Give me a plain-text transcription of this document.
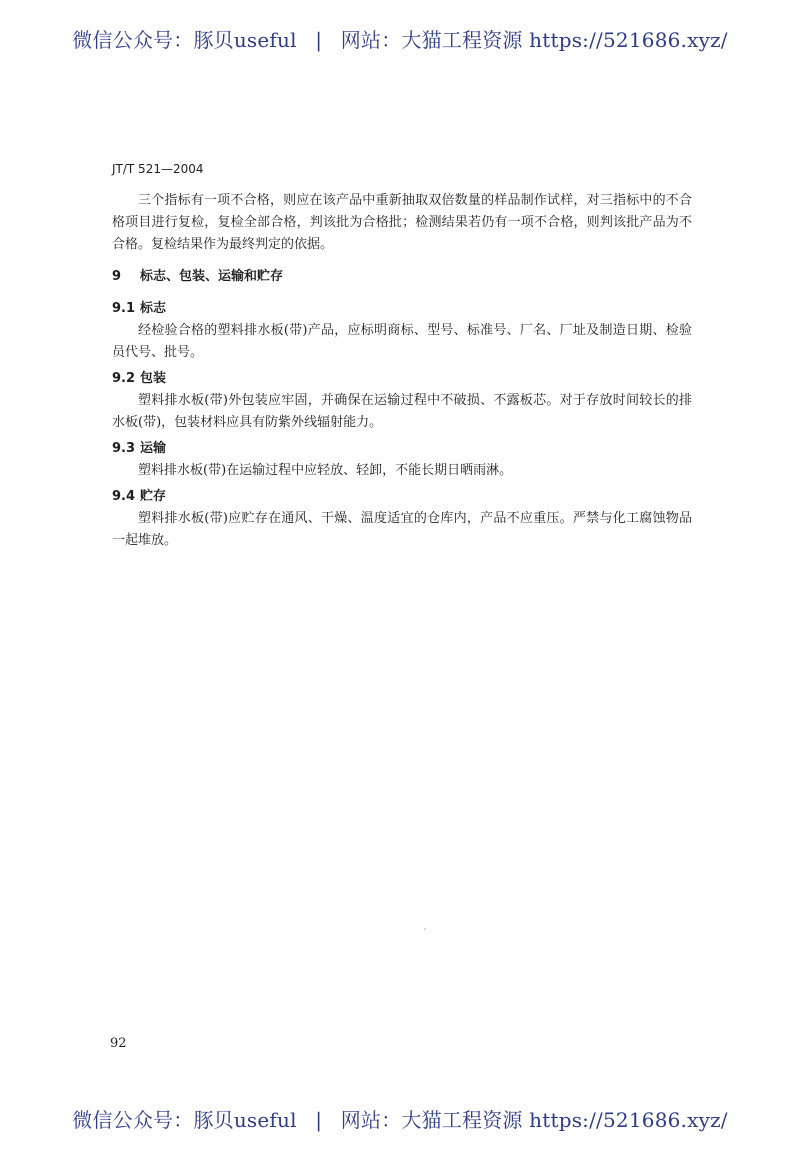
微信公众号：豚贝useful | 网站：大猫工程资源 https://521686.xyz/
JT/T 521—2004

三个指标有一项不合格，则应在该产品中重新抽取双倍数量的样品制作试样，对三指标中的不合格项目进行复检，复检全部合格，判该批为合格批；检测结果若仍有一项不合格，则判该批产品为不合格。复检结果作为最终判定的依据。

9 标志、包装、运输和贮存
9.1 标志

经检验合格的塑料排水板(带)产品，应标明商标、型号、标准号、厂名、厂址及制造日期、检验员代号、批号。

9.2 包装

塑料排水板(带)外包装应牢固，并确保在运输过程中不破损、不露板芯。对于存放时间较长的排水板(带)，包装材料应具有防紫外线辐射能力。

9.3 运输

塑料排水板(带)在运输过程中应轻放、轻卸，不能长期日晒雨淋。

9.4 贮存

塑料排水板(带)应贮存在通风、干燥、温度适宜的仓库内，产品不应重压。严禁与化工腐蚀物品一起堆放。

92
微信公众号：豚贝useful | 网站：大猫工程资源 https://521686.xyz/
